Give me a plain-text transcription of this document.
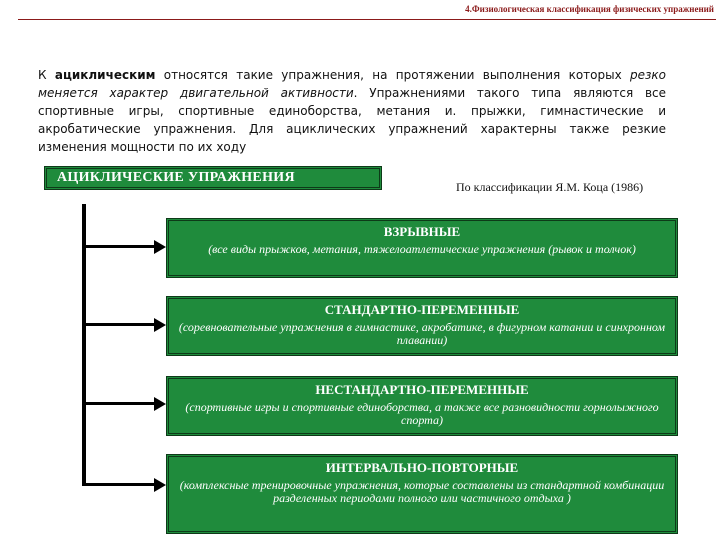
4.Физиологическая классификация физических упражнений

К ациклическим относятся такие упражнения, на протяжении выполнения которых резко меняется характер двигательной активности. Упражнениями такого типа являются все спортивные игры, спортивные единоборства, метания и. прыжки, гимнастические и акробатические упражнения. Для ациклических упражнений характерны также резкие изменения мощности по их ходу

АЦИКЛИЧЕСКИЕ УПРАЖНЕНИЯ
По классификации Я.М. Коца (1986)
ВЗРЫВНЫЕ
(все виды прыжков, метания, тяжелоатлетические упражнения (рывок и толчок)
СТАНДАРТНО-ПЕРЕМЕННЫЕ
(соревновательные упражнения в гимнастике, акробатике, в фигурном катании и синхронном плавании)
НЕСТАНДАРТНО-ПЕРЕМЕННЫЕ
(спортивные игры и спортивные единоборства, а также все разновидности горнолыжного спорта)
ИНТЕРВАЛЬНО-ПОВТОРНЫЕ
(комплексные тренировочные упражнения, которые составлены из стандартной комбинации разделенных периодами полного или частичного отдыха )
